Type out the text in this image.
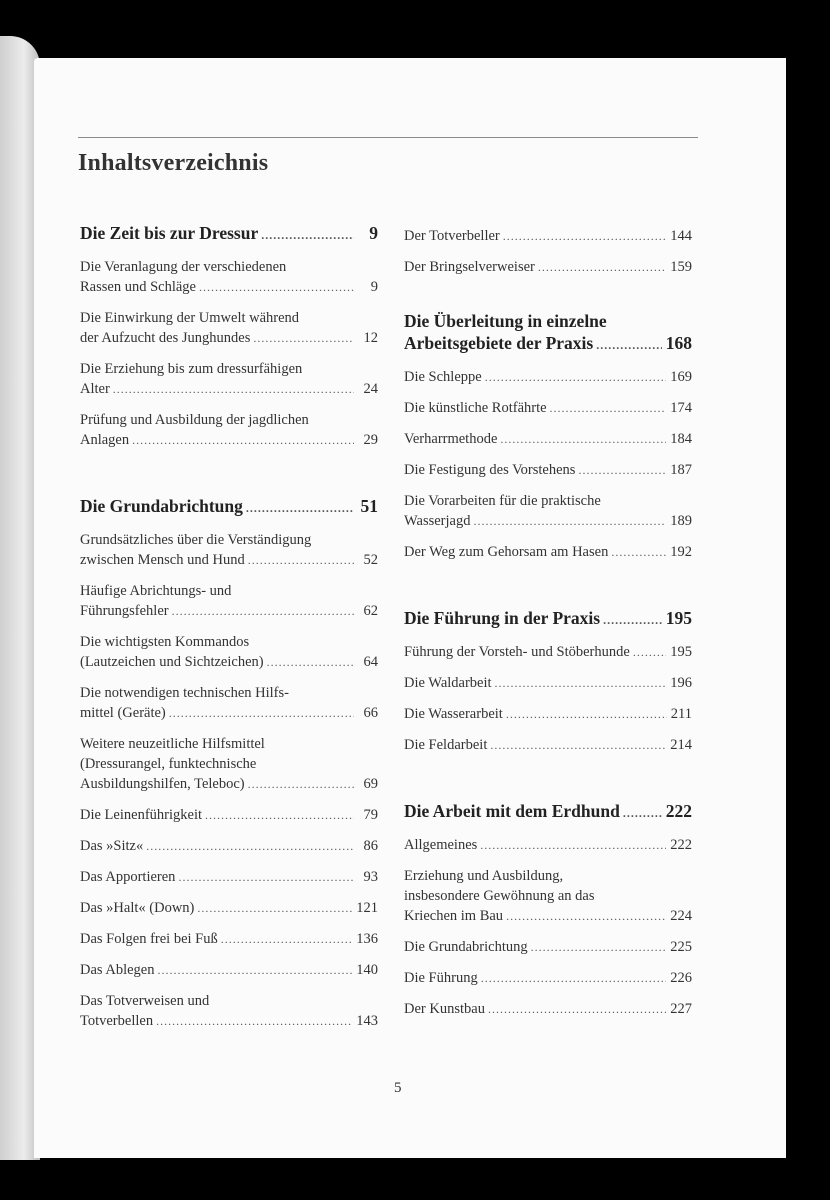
Inhaltsverzeichnis
Die Zeit bis zur Dressur .....	9
Die Veranlagung der verschiedenen
Rassen und Schläge .....	9
Die Einwirkung der Umwelt während
der Aufzucht des Junghundes .....	12
Die Erziehung bis zum dressurfähigen
Alter .....	24
Prüfung und Ausbildung der jagdlichen
Anlagen .....	29
Die Grundabrichtung .....	51
Grundsätzliches über die Verständigung
zwischen Mensch und Hund .....	52
Häufige Abrichtungs- und
Führungsfehler .....	62
Die wichtigsten Kommandos
(Lautzeichen und Sichtzeichen) .....	64
Die notwendigen technischen Hilfs-
mittel (Geräte) .....	66
Weitere neuzeitliche Hilfsmittel
(Dressurangel, funktechnische
Ausbildungshilfen, Teleboc) .....	69
Die Leinenführigkeit .....	79
Das »Sitz« .....	86
Das Apportieren .....	93
Das »Halt« (Down) .....	121
Das Folgen frei bei Fuß .....	136
Das Ablegen .....	140
Das Totverweisen und
Totverbellen .....	143
Der Totverbeller .....	144
Der Bringselverweiser .....	159
Die Überleitung in einzelne
Arbeitsgebiete der Praxis .....	168
Die Schleppe .....	169
Die künstliche Rotfährte .....	174
Verharrmethode .....	184
Die Festigung des Vorstehens .....	187
Die Vorarbeiten für die praktische
Wasserjagd .....	189
Der Weg zum Gehorsam am Hasen .....	192
Die Führung in der Praxis .....	195
Führung der Vorsteh- und Stöberhunde .....	195
Die Waldarbeit .....	196
Die Wasserarbeit .....	211
Die Feldarbeit .....	214
Die Arbeit mit dem Erdhund .....	222
Allgemeines .....	222
Erziehung und Ausbildung,
insbesondere Gewöhnung an das
Kriechen im Bau .....	224
Die Grundabrichtung .....	225
Die Führung .....	226
Der Kunstbau .....	227
5
